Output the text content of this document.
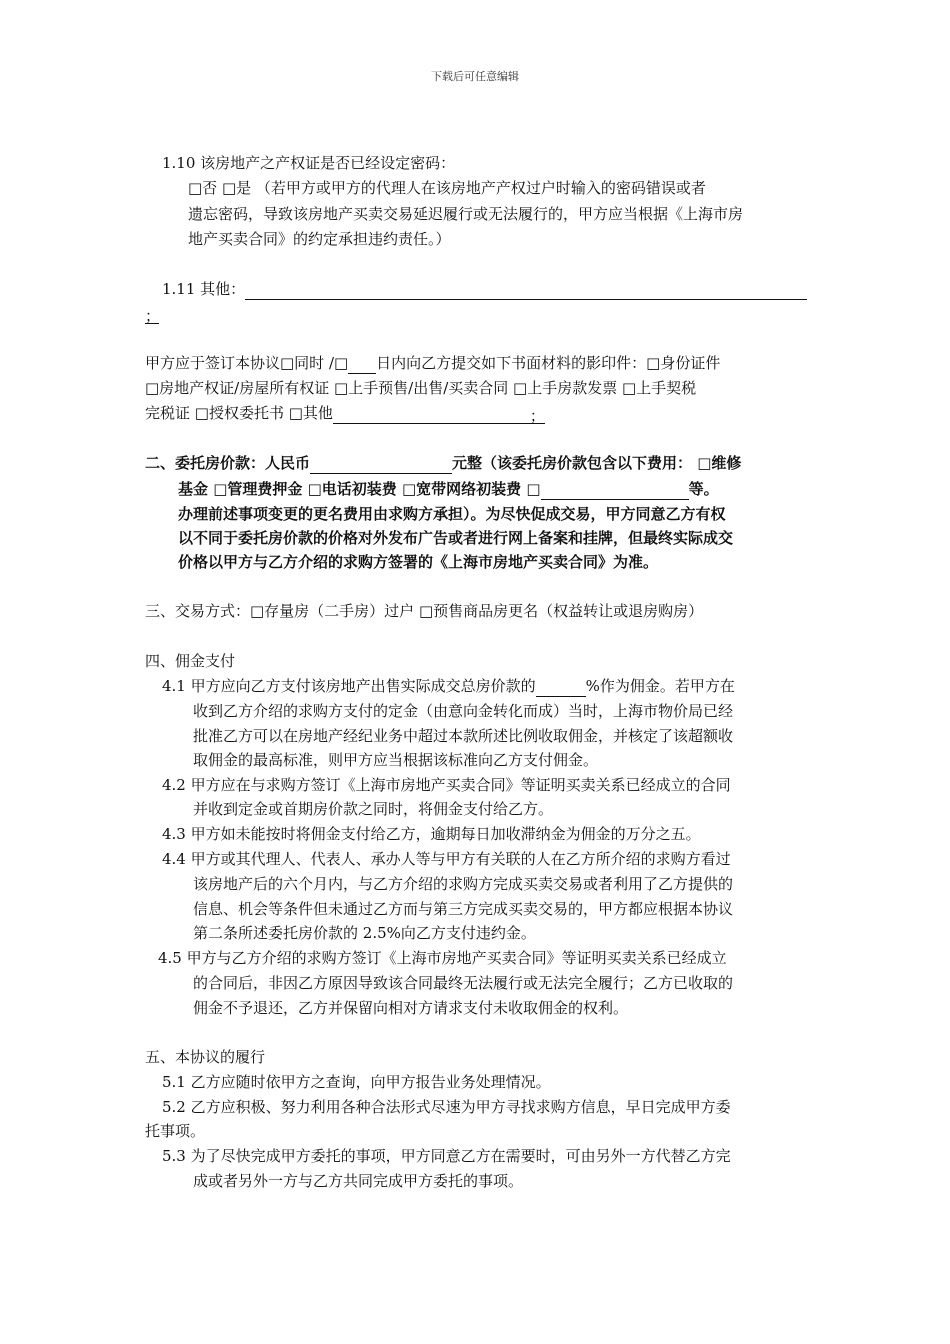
下载后可任意编辑
1.10 该房地产之产权证是否已经设定密码：
□否 □是 （若甲方或甲方的代理人在该房地产产权过户时输入的密码错误或者
遗忘密码，导致该房地产买卖交易延迟履行或无法履行的，甲方应当根据《上海市房
地产买卖合同》的约定承担违约责任。）
1.11 其他：
；
甲方应于签订本协议□同时 /□ 日内向乙方提交如下书面材料的影印件：□身份证件
□房地产权证/房屋所有权证 □上手预售/出售/买卖合同 □上手房款发票 □上手契税
完税证 □授权委托书 □其他	；
二、委托房价款：人民币	元整（该委托房价款包含以下费用： □维修
基金 □管理费押金 □电话初装费 □宽带网络初装费 □	等。
办理前述事项变更的更名费用由求购方承担）。为尽快促成交易，甲方同意乙方有权
以不同于委托房价款的价格对外发布广告或者进行网上备案和挂牌，但最终实际成交
价格以甲方与乙方介绍的求购方签署的《上海市房地产买卖合同》为准。
三、交易方式：□存量房（二手房）过户 □预售商品房更名（权益转让或退房购房）
四、佣金支付
4.1 甲方应向乙方支付该房地产出售实际成交总房价款的	%作为佣金。若甲方在
收到乙方介绍的求购方支付的定金（由意向金转化而成）当时，上海市物价局已经
批准乙方可以在房地产经纪业务中超过本款所述比例收取佣金，并核定了该超额收
取佣金的最高标准，则甲方应当根据该标准向乙方支付佣金。
4.2 甲方应在与求购方签订《上海市房地产买卖合同》等证明买卖关系已经成立的合同
并收到定金或首期房价款之同时，将佣金支付给乙方。
4.3 甲方如未能按时将佣金支付给乙方，逾期每日加收滞纳金为佣金的万分之五。
4.4 甲方或其代理人、代表人、承办人等与甲方有关联的人在乙方所介绍的求购方看过
该房地产后的六个月内，与乙方介绍的求购方完成买卖交易或者利用了乙方提供的
信息、机会等条件但未通过乙方而与第三方完成买卖交易的，甲方都应根据本协议
第二条所述委托房价款的 2.5%向乙方支付违约金。
4.5 甲方与乙方介绍的求购方签订《上海市房地产买卖合同》等证明买卖关系已经成立
的合同后，非因乙方原因导致该合同最终无法履行或无法完全履行；乙方已收取的
佣金不予退还，乙方并保留向相对方请求支付未收取佣金的权利。
五、本协议的履行
5.1 乙方应随时依甲方之查询，向甲方报告业务处理情况。
5.2 乙方应积极、努力利用各种合法形式尽速为甲方寻找求购方信息，早日完成甲方委
托事项。
5.3 为了尽快完成甲方委托的事项，甲方同意乙方在需要时，可由另外一方代替乙方完
成或者另外一方与乙方共同完成甲方委托的事项。
